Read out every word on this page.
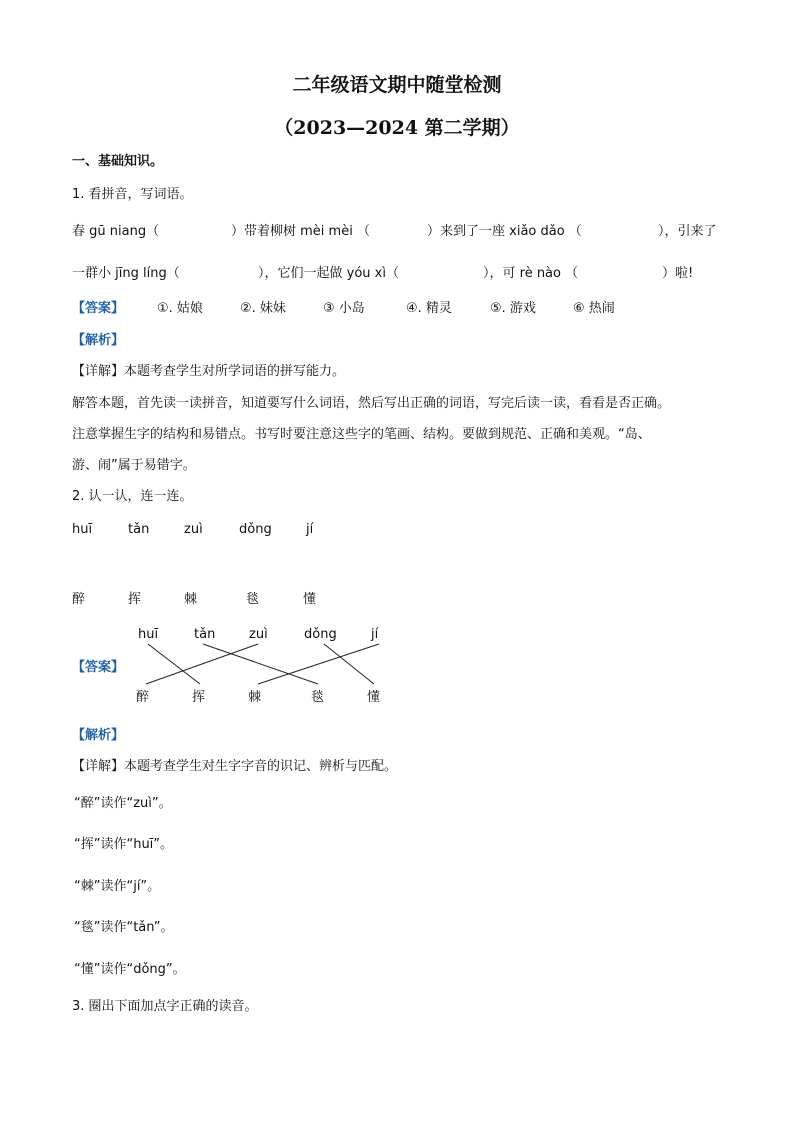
二年级语文期中随堂检测
（2023—2024 第二学期）
一、基础知识。
1. 看拼音，写词语。
春 gū niang（	）带着柳树 mèi mèi （	）来到了一座 xiǎo dǎo （	），引来了
一群小 jīng líng（	），它们一起做 yóu xì（	），可 rè nào （	）啦!
【答案】	①. 姑娘	②. 妹妹	③ 小岛	④. 精灵	⑤. 游戏	⑥ 热闹
【解析】
【详解】本题考查学生对所学词语的拼写能力。
解答本题，首先读一读拼音，知道要写什么词语，然后写出正确的词语，写完后读一读，看看是否正确。
注意掌握生字的结构和易错点。书写时要注意这些字的笔画、结构。要做到规范、正确和美观。“岛、
游、闹”属于易错字。
2. 认一认，连一连。
huī	tǎn	zuì	dǒng	jí
醉	挥	棘	毯	懂
【答案】
huī	tǎn	zuì	dǒng	jí
醉	挥	棘	毯	懂
【解析】
【详解】本题考查学生对生字字音的识记、辨析与匹配。
“醉”读作“zuì”。
“挥”读作“huī”。
“棘”读作“jí”。
“毯”读作“tǎn”。
“懂”读作“dǒng”。
3. 圈出下面加点字正确的读音。
